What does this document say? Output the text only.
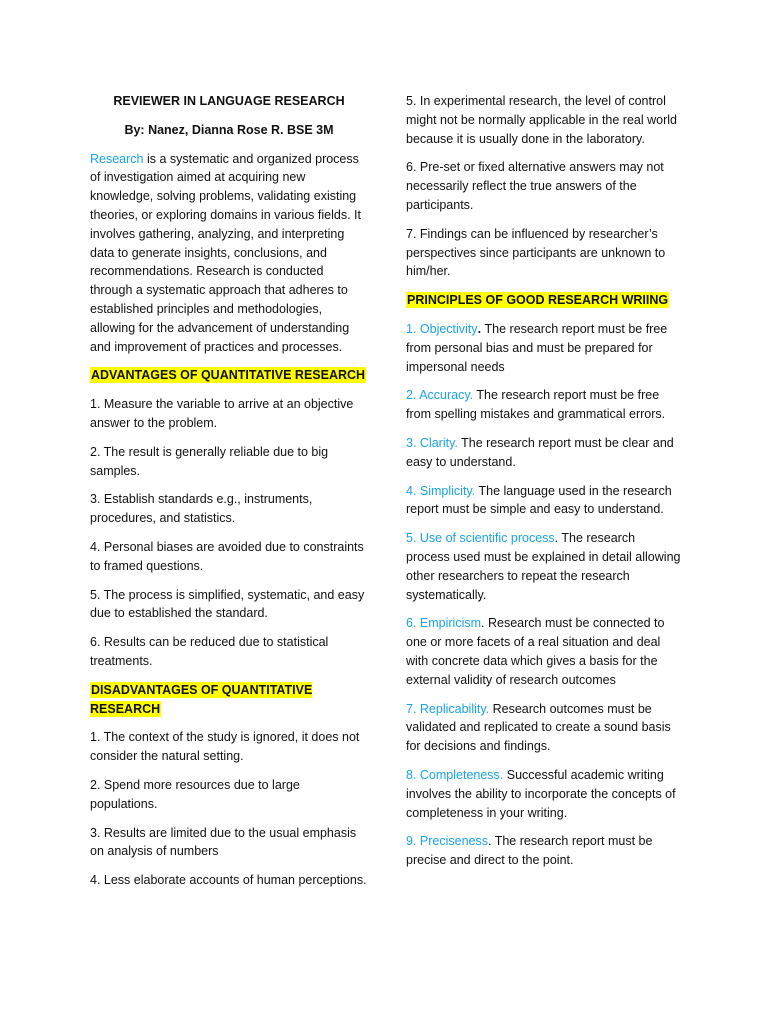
REVIEWER IN LANGUAGE RESEARCH

By: Nanez, Dianna Rose R. BSE 3M

Research is a systematic and organized process of investigation aimed at acquiring new knowledge, solving problems, validating existing theories, or exploring domains in various fields. It involves gathering, analyzing, and interpreting data to generate insights, conclusions, and recommendations. Research is conducted through a systematic approach that adheres to established principles and methodologies, allowing for the advancement of understanding and improvement of practices and processes.

ADVANTAGES OF QUANTITATIVE RESEARCH

1. Measure the variable to arrive at an objective answer to the problem.

2. The result is generally reliable due to big samples.

3. Establish standards e.g., instruments, procedures, and statistics.

4. Personal biases are avoided due to constraints to framed questions.

5. The process is simplified, systematic, and easy due to established the standard.

6. Results can be reduced due to statistical treatments.

DISADVANTAGES OF QUANTITATIVE RESEARCH

1. The context of the study is ignored, it does not consider the natural setting.

2. Spend more resources due to large populations.

3. Results are limited due to the usual emphasis on analysis of numbers

4. Less elaborate accounts of human perceptions.

5. In experimental research, the level of control might not be normally applicable in the real world because it is usually done in the laboratory.

6. Pre-set or fixed alternative answers may not necessarily reflect the true answers of the participants.

7. Findings can be influenced by researcher’s perspectives since participants are unknown to him/her.

PRINCIPLES OF GOOD RESEARCH WRIING

1. Objectivity. The research report must be free from personal bias and must be prepared for impersonal needs

2. Accuracy. The research report must be free from spelling mistakes and grammatical errors.

3. Clarity. The research report must be clear and easy to understand.

4. Simplicity. The language used in the research report must be simple and easy to understand.

5. Use of scientific process. The research process used must be explained in detail allowing other researchers to repeat the research systematically.

6. Empiricism. Research must be connected to one or more facets of a real situation and deal with concrete data which gives a basis for the external validity of research outcomes

7. Replicability. Research outcomes must be validated and replicated to create a sound basis for decisions and findings.

8. Completeness. Successful academic writing involves the ability to incorporate the concepts of completeness in your writing.

9. Preciseness. The research report must be precise and direct to the point.
